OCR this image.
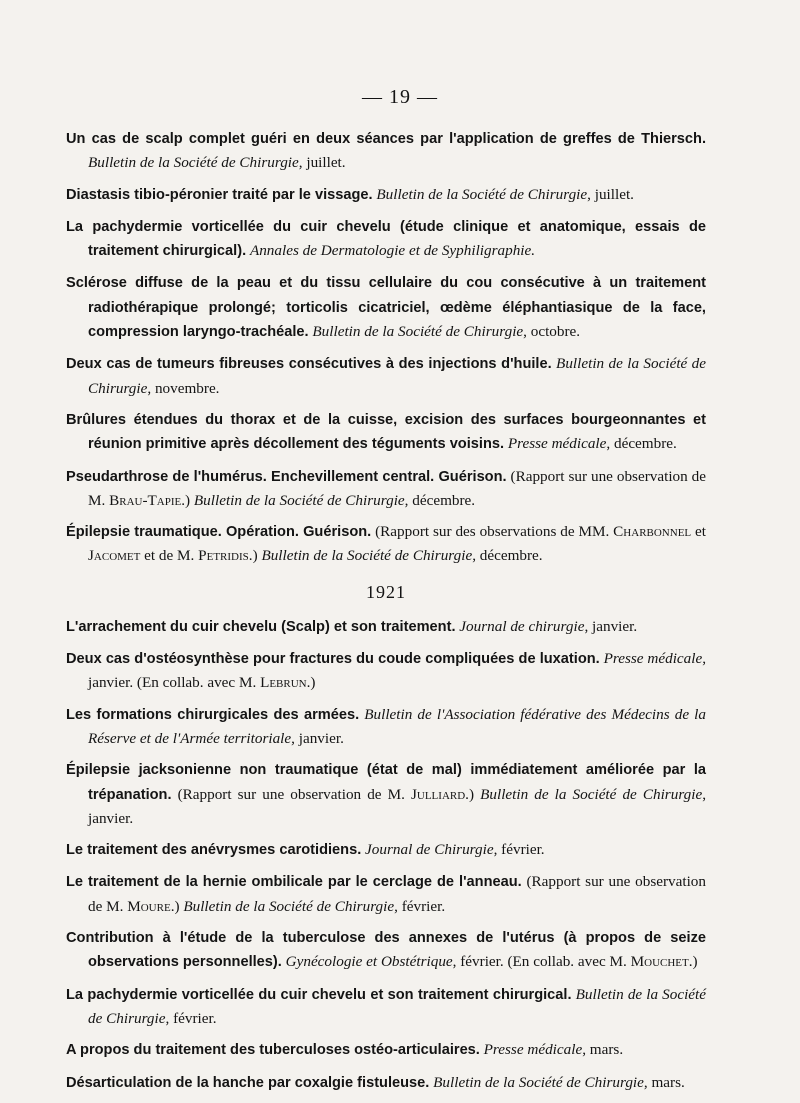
— 19 —
Un cas de scalp complet guéri en deux séances par l'application de greffes de Thiersch. Bulletin de la Société de Chirurgie, juillet.
Diastasis tibio-péronier traité par le vissage. Bulletin de la Société de Chirurgie, juillet.
La pachydermie vorticellée du cuir chevelu (étude clinique et anatomique, essais de traitement chirurgical). Annales de Dermatologie et de Syphiligraphie.
Sclérose diffuse de la peau et du tissu cellulaire du cou consécutive à un traitement radiothérapique prolongé; torticolis cicatriciel, œdème éléphantiasique de la face, compression laryngo-trachéale. Bulletin de la Société de Chirurgie, octobre.
Deux cas de tumeurs fibreuses consécutives à des injections d'huile. Bulletin de la Société de Chirurgie, novembre.
Brûlures étendues du thorax et de la cuisse, excision des surfaces bourgeonnantes et réunion primitive après décollement des téguments voisins. Presse médicale, décembre.
Pseudarthrose de l'humérus. Enchevillement central. Guérison. (Rapport sur une observation de M. Brau-Tapie.) Bulletin de la Société de Chirurgie, décembre.
Épilepsie traumatique. Opération. Guérison. (Rapport sur des observations de MM. Charbonnel et Jacomet et de M. Petridis.) Bulletin de la Société de Chirurgie, décembre.
1921
L'arrachement du cuir chevelu (Scalp) et son traitement. Journal de chirurgie, janvier.
Deux cas d'ostéosynthèse pour fractures du coude compliquées de luxation. Presse médicale, janvier. (En collab. avec M. Lebrun.)
Les formations chirurgicales des armées. Bulletin de l'Association fédérative des Médecins de la Réserve et de l'Armée territoriale, janvier.
Épilepsie jacksonienne non traumatique (état de mal) immédiatement améliorée par la trépanation. (Rapport sur une observation de M. Julliard.) Bulletin de la Société de Chirurgie, janvier.
Le traitement des anévrysmes carotidiens. Journal de Chirurgie, février.
Le traitement de la hernie ombilicale par le cerclage de l'anneau. (Rapport sur une observation de M. Moure.) Bulletin de la Société de Chirurgie, février.
Contribution à l'étude de la tuberculose des annexes de l'utérus (à propos de seize observations personnelles). Gynécologie et Obstétrique, février. (En collab. avec M. Mouchet.)
La pachydermie vorticellée du cuir chevelu et son traitement chirurgical. Bulletin de la Société de Chirurgie, février.
A propos du traitement des tuberculoses ostéo-articulaires. Presse médicale, mars.
Désarticulation de la hanche par coxalgie fistuleuse. Bulletin de la Société de Chirurgie, mars.
